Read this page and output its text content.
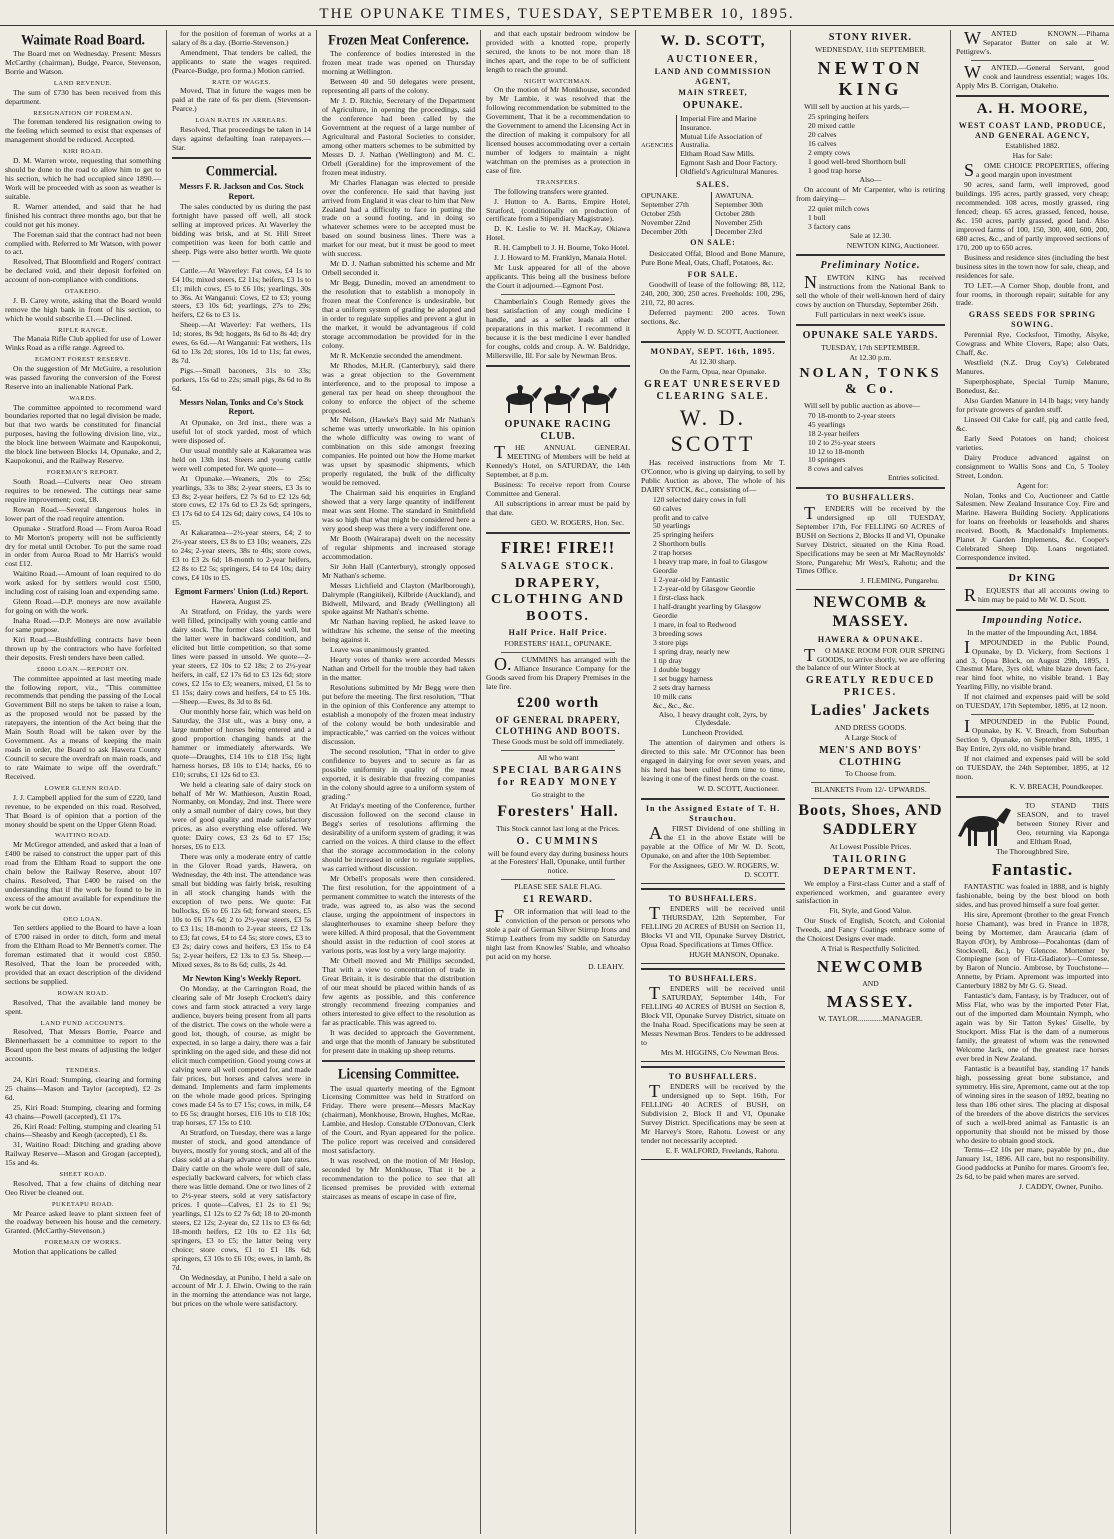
THE OPUNAKE TIMES, TUESDAY, SEPTEMBER 10, 1895.
Waimate Road Board.

The Board met on Wednesday. Present: Messrs McCarthy (chairman), Budge, Pearce, Stevenson, Borrie and Watson.

LAND REVENUE.

The sum of £730 has been received from this department.

RESIGNATION OF FOREMAN.

The foreman tendered his resignation owing to the feeling which seemed to exist that expenses of management should be reduced. Accepted.

KIRI ROAD.

D. M. Warren wrote, requesting that something should be done to the road to allow him to get to his section, which he had occupied since 1890.—Work will be proceeded with as soon as weather is suitable.

R. Warner attended, and said that he had finished his contract three months ago, but that he could not get his money.

The Foreman said that the contract had not been complied with. Referred to Mr Watson, with power to act.

Resolved, That Bloomfield and Rogers' contract be declared void, and their deposit forfeited on account of non-compliance with conditions.

OTAKEHO.

J. B. Carey wrote, asking that the Board would remove the high bank in front of his section, to which he would subscribe £1.—Declined.

RIFLE RANGE.

The Manaia Rifle Club applied for use of Lower Winks Road as a rifle range. Agreed to.

EGMONT FOREST RESERVE.

On the suggestion of Mr McGuire, a resolution was passed favoring the conversion of the Forest Reserve into an inalienable National Park.

WARDS.

The committee appointed to recommend ward boundaries reported that no legal division be made, but that two wards be constituted for financial purposes, having the following division line, viz., the block line between Waimate and Kaupokonui, the block line between Blocks 14, Opunake, and 2, Kaupokonui, and the Railway Reserve.

FOREMAN'S REPORT.

South Road.—Culverts near Oeo stream requires to be renewed. The cuttings near same require improvement; cost, £8.

Rowan Road.—Several dangerous holes in lower part of the road require attention.

Opunake - Stratford Road — From Auroa Road to Mr Morton's property will not be sufficiently dry for metal until October. To put the same road in order from Auroa Road to Mr Harris's would cost £12.

Waitino Road.—Amount of loan required to do work asked for by settlers would cost £500, including cost of raising loan and expending same.

Glenn Road.—D.P. moneys are now available for going on with the work.

Inaha Road.—D.P. Moneys are now available for same purpose.

Kiri Road.—Bushfelling contracts have been thrown up by the contractors who have forfeited their deposits. Fresh tenders have been called.

£8000 LOAN.—REPORT ON.

The committee appointed at last meeting made the following report, viz., "This committee recommends that pending the passing of the Local Government Bill no steps be taken to raise a loan, as the proposed would not be passed by the ratepayers, the intention of the Act being that the Main South Road will be taken over by the Government. As a means of keeping the main roads in order, the Board to ask Hawera County Council to secure the overdraft on main roads, and to rate Waimate to wipe off the overdraft." Received.

LOWER GLENN ROAD.

J. J. Campbell applied for the sum of £220, land revenue, to be expended on this road. Resolved, That Board is of opinion that a portion of the money should be spent on the Upper Glenn Road.

WAITINO ROAD.

Mr McGregor attended, and asked that a loan of £400 be raised to construct the upper part of this road from the Eltham Road to support the one chain below the Railway Reserve, about 107 chains. Resolved, That £400 be raised on the understanding that if the work be found to be in excess of the amount available for expenditure the work be cut down.

OEO LOAN.

Ten settlers applied to the Board to have a loan of £700 raised in order to ditch, form and metal from the Eltham Road to Mr Bennett's corner. The foreman estimated that it would cost £850. Resolved, That the loan be proceeded with, provided that an exact description of the dividend sections be supplied.

ROWAN ROAD.

Resolved, That the available land money be spent.

LAND FUND ACCOUNTS.

Resolved, That Messrs Borrie, Pearce and Blennerhassett be a committee to report to the Board upon the best means of adjusting the ledger accounts.

TENDERS.

24, Kiri Road: Stumping, clearing and forming 25 chains—Mason and Taylor (accepted), £2 2s 6d.

25, Kiri Road: Stumping, clearing and forming 43 chains—Powell (accepted), £1 17s.

26, Kiri Road: Felling, stumping and clearing 51 chains—Sheasby and Keogh (accepted), £1 8s.

31, Waitino Road: Ditching and grading above Railway Reserve—Mason and Grogan (accepted), 15s and 4s.

SHEET ROAD.

Resolved, That a few chains of ditching near Oeo River be cleaned out.

PUKETAPU ROAD.

Mr Pearce asked leave to plant sixteen feet of the roadway between his house and the cemetery. Granted. (McCarthy-Stevenson.)

FOREMAN OF WORKS.

Motion that applications be called

for the position of foreman of works at a salary of 8s a day. (Borrie-Stevenson.)

Amendment, That tenders be called, the applicants to state the wages required. (Pearce-Budge, pro forma.) Motion carried.

RATE OF WAGES.

Moved, That in future the wages men be paid at the rate of 6s per diem. (Stevenson-Pearce.)

LOAN RATES IN ARREARS.

Resolved, That proceedings be taken in 14 days against defaulting loan ratepayers.—Star.

Commercial.
Messrs F. R. Jackson and Cos. Stock Report.

The sales conducted by us during the past fortnight have passed off well, all stock selling at improved prices. At Waverley the bidding was brisk, and at St. Hill Street competition was keen for both cattle and sheep. Pigs were also better worth. We quote—

Cattle.—At Waverley: Fat cows, £4 1s to £4 10s; mixed steers, £2 11s; heifers, £3 1s to £1; milch cows, £5 to £6 10s; yearlings, 30s to 36s. At Wanganui: Cows, £2 to £3; young steers, £3 10s 6d; yearlings, 27s to 29s; heifers, £2 6s to £3 1s.

Sheep.—At Waverley: Fat wethers, 11s 1d; stores, 8s 9d; hoggets, 8s 6d to 8s 4d; dry ewes, 6s 6d.—At Wanganui: Fat wethers, 11s 6d to 13s 2d; stores, 10s 1d to 11s; fat ewes, 8s 7d.

Pigs.—Small baconers, 31s to 33s; porkers, 15s 6d to 22s; small pigs, 8s 6d to 8s 6d.

Messrs Nolan, Tonks and Co's Stock Report.

At Opunake, on 3rd inst., there was a useful lot of stock yarded, most of which were disposed of.

Our usual monthly sale at Kakaramea was held on 13th inst. Steers and young cattle were well competed for. We quote—

At Opunake.—Weaners, 20s to 25s; yearlings, 33s to 38s; 2-year steers, £3 3s to £3 8s; 2-year heifers, £2 7s 6d to £2 12s 6d; store cows, £2 17s 6d to £3 2s 6d; springers, £3 17s 6d to £4 12s 6d; dairy cows, £4 10s to £5.

At Kakaramea—2½-year steers, £4; 2 to 2½-year steers, £3 8s to £3 10s; weaners, 22s to 24s; 2-year steers, 38s to 40s; store cows, £3 to £3 2s 6d; 18-month to 2-year heifers, £2 8s to £2 5s; springers, £4 to £4 10s; dairy cows, £4 10s to £5.

Egmont Farmers' Union (Ltd.) Report.

Hawera, August 25.

At Stratford, on Friday, the yards were well filled, principally with young cattle and dairy stock. The former class sold well, but the latter were in backward condition, and elicited but little competition, so that some lines were passed in unsold. We quote—2-year steers, £2 10s to £2 18s; 2 to 2½-year heifers, in calf, £2 17s 6d to £3 12s 6d; store cows, £2 15s to £3; weaners, mixed, £1 5s to £1 15s; dairy cows and heifers, £4 to £5 10s.—Sheep.—Ewes, 8s 3d to 8s 6d.

Our monthly horse fair, which was held on Saturday, the 31st ult., was a busy one, a large number of horses being entered and a good proportion changing hands at the hammer or immediately afterwards. We quote—Draughts, £14 10s to £18 15s; light harness horses, £8 10s to £14; hacks, £6 to £10; scrubs, £1 12s 6d to £3.

We held a clearing sale of dairy stock on behalf of Mr W. Mathieson, Austin Road, Normanby, on Monday, 2nd inst. There were only a small number of dairy cows, but they were of good quality and made satisfactory prices, as also everything else offered. We quote: Dairy cows, £3 2s 6d to £7 15s; horses, £6 to £13.

There was only a moderate entry of cattle in the Glover Road yards, Hawera, on Wednesday, the 4th inst. The attendance was small but bidding was fairly brisk, resulting in all stock changing hands with the exception of two pens. We quote: Fat bullocks, £6 to £6 12s 6d; forward steers, £5 10s to £6 17s 6d; 2 to 2½-year steers, £3 5s to £3 11s; 18-month to 2-year steers, £2 13s to £3; fat cows, £4 to £4 5s; store cows, £3 to £3 2s; dairy cows and heifers, £3 15s to £4 5s; 2-year heifers, £2 13s to £3 5s. Sheep.—Mixed sexes, 8s to 8s 6d; culls, 2s 4d.

Mr Newton King's Weekly Report.

On Monday, at the Carrington Road, the clearing sale of Mr Joseph Crockett's dairy cows and farm stock attracted a very large audience, buyers being present from all parts of the district. The cows on the whole were a good lot, though, of course, as might be expected, in so large a dairy, there was a fair sprinkling on the aged side, and these did not elicit much competition. Good young cows at calving were all well competed for, and made fair prices, but horses and calves were in demand. Implements and farm implements on the whole made good prices. Springing cows made £4 5s to £7 15s; cows, in milk, £4 to £6 5s; draught horses, £16 10s to £18 10s; trap horses, £7 15s to £10.

At Stratford, on Tuesday, there was a large muster of stock, and good attendance of buyers, mostly for young stock, and all of the class sold at a sharp advance upon late rates. Dairy cattle on the whole were dull of sale, especially backward calvers, for which class there was little demand. One or two lines of 2 to 2½-year steers, sold at very satisfactory prices. I quote—Calves, £1 2s to £1 9s; yearlings, £1 12s to £2 7s 6d; 18 to 20-month steers, £2 12s; 2-year do, £2 11s to £3 6s 6d; 18-month heifers, £2 10s to £2 11s 6d; springers, £3 to £5; the latter being very choice; store cows, £1 to £1 18s 6d; springers, £3 10s to £6 10s; ewes, in lamb, 8s 7d.

On Wednesday, at Puniho, I held a sale on account of Mr J. J. Elwin. Owing to the rain in the morning the attendance was not large, but prices on the whole were satisfactory.

Frozen Meat Conference.

The conference of bodies interested in the frozen meat trade was opened on Thursday morning at Wellington.

Between 40 and 50 delegates were present, representing all parts of the colony.

Mr J. D. Ritchie, Secretary of the Department of Agriculture, in opening the proceedings, said the conference had been called by the Government at the request of a large number of Agricultural and Pastoral Societies to consider, among other matters schemes to be submitted by Messrs D. J. Nathan (Wellington) and M. C. Orbell (Geraldine) for the improvement of the frozen meat industry.

Mr Charles Flanagan was elected to preside over the conference. He said that having just arrived from England it was clear to him that New Zealand had a difficulty to face in putting the trade on a sound footing, and in doing so whatever schemes were to be accepted must be based on sound business lines. There was a market for our meat, but it must be good to meet with success.

Mr D. J. Nathan submitted his scheme and Mr Orbell seconded it.

Mr Begg, Dunedin, moved an amendment to the resolution that to establish a monopoly in frozen meat the Conference is undesirable, but that a uniform system of grading be adopted and in order to regulate supplies and prevent a glut in the market, it would be advantageous if cold storage accommodation be provided for in the colony.

Mr R. McKenzie seconded the amendment.

Mr Rhodes, M.H.R. (Canterbury), said there was a great objection to the Government interference, and to the proposal to impose a general tax per head on sheep throughout the colony to enforce the object of the scheme proposed.

Mr Nelson, (Hawke's Bay) said Mr Nathan's scheme was utterly unworkable. In his opinion the whole difficulty was owing to want of combination on this side amongst freezing companies. He pointed out how the Home market was upset by spasmodic shipments, which properly regulated, the bulk of the difficulty would be removed.

The Chairman said his enquiries in England showed that a very large quantity of indifferent meat was sent Home. The standard in Smithfield was so high that what might be considered here a very good sheep was there a very indifferent one.

Mr Booth (Wairarapa) dwelt on the necessity of regular shipments and increased storage accommodation.

Sir John Hall (Canterbury), strongly opposed Mr Nathan's scheme.

Messrs Lichfield and Clayton (Marlborough), Dalrymple (Rangitikei), Kilbride (Auckland), and Bidwell, Milward, and Brady (Wellington) all spoke against Mr Nathan's scheme.

Mr Nathan having replied, he asked leave to withdraw his scheme, the sense of the meeting being against it.

Leave was unanimously granted.

Hearty votes of thanks were accorded Messrs Nathan and Orbell for the trouble they had taken in the matter.

Resolutions submitted by Mr Begg were then put before the meeting. The first resolution, "That in the opinion of this Conference any attempt to establish a monopoly of the frozen meat industry of the colony would be both undesirable and impracticable," was carried on the voices without discussion.

The second resolution, "That in order to give confidence to buyers and to secure as far as possible uniformity in quality of the meat exported, it is desirable that freezing companies in the colony should agree to a uniform system of grading."

At Friday's meeting of the Conference, further discussion followed on the second clause in Begg's series of resolutions affirming the desirability of a uniform system of grading; it was carried on the voices. A third clause to the effect that the storage accommodation in the colony should be increased in order to regulate supplies, was carried without discussion.

Mr Orbell's proposals were then considered. The first resolution, for the appointment of a permanent committee to watch the interests of the trade, was agreed to, as also was the second clause, urging the appointment of inspectors in slaughterhouses to examine sheep before they were killed. A third proposal, that the Government should assist in the reduction of cool stores at various ports, was lost by a very large majority.

Mr Orbell moved and Mr Phillips seconded, That with a view to concentration of trade in Great Britain, it is desirable that the distribution of our meat should be placed within hands of as few agents as possible, and this conference strongly recommend freezing companies and others interested to give effect to the resolution as far as practicable. This was agreed to.

It was decided to approach the Government, and urge that the month of January be substituted for present date in making up sheep returns.

Licensing Committee.

The usual quarterly meeting of the Egmont Licensing Committee was held in Stratford on Friday. There were present—Messrs MacKay (chairman), Monkhouse, Brown, Hughes, McRae, Lambie, and Heslop. Constable O'Donovan, Clerk of the Court, and Ryan appeared for the police. The police report was received and considered most satisfactory.

It was resolved, on the motion of Mr Heslop, seconded by Mr Monkhouse, That it be a recommendation to the police to see that all licensed premises be provided with external staircases as means of escape in case of fire,

and that each upstair bedroom window be provided with a knotted rope, properly secured, the knots to be not more than 18 inches apart, and the rope to be of sufficient length to reach the ground.

NIGHT WATCHMAN.

On the motion of Mr Monkhouse, seconded by Mr Lambie, it was resolved that the following recommendation be submitted to the Government, That it be a recommendation to the Government to amend the Licensing Act in the direction of making it compulsory for all licensed houses accommodating over a certain number of lodgers to maintain a night watchman on the premises as a protection in case of fire.

TRANSFERS.

The following transfers were granted.

J. Hutton to A. Barns, Empire Hotel, Stratford, (conditionally on production of certificate from a Stipendiary Magistrate).

D. K. Leslie to W. H. MacKay, Okiawa Hotel.

R. H. Campbell to J. H. Bourne, Toko Hotel.

J. J. Howard to M. Franklyn, Manaia Hotel.

Mr Lusk appeared for all of the above applicants. This being all the business before the Court it adjourned.—Egmont Post.

Chamberlain's Cough Remedy gives the best satisfaction of any cough medicine I handle, and as a seller leads all other preparations in this market. I recommend it because it is the best medicine I ever handled for coughs, colds and croup. A. W. Baldridge, Millersville, Ill. For sale by Newman Bros.

OPUNAKE RACING CLUB.

THE ANNUAL GENERAL MEETING of Members will be held at Kennedy's Hotel, on SATURDAY, the 14th September, at 8 p.m.

Business: To receive report from Course Committee and General.

All subscriptions in arrear must be paid by that date.

GEO. W. ROGERS, Hon. Sec.

FIRE! FIRE!!
SALVAGE STOCK.
DRAPERY, CLOTHING AND BOOTS.
Half Price. Half Price.

FORESTERS' HALL, OPUNAKE.

O.CUMMINS has arranged with the Alliance Insurance Company for the Goods saved from his Drapery Premises in the late fire.

£200 worth
OF GENERAL DRAPERY, CLOTHING AND BOOTS.

These Goods must be sold off immediately.

All who want

SPECIAL BARGAINS for READY MONEY

Go straight to the

Foresters' Hall.

This Stock cannot last long at the Prices.

O. CUMMINS

will be found every day during business hours at the Foresters' Hall, Opunake, until further notice.

PLEASE SEE SALE FLAG.

£1 REWARD.

FOR information that will lead to the conviction of the person or persons who stole a pair of German Silver Stirrup Irons and Stirrup Leathers from my saddle on Saturday night last from Knowles' Stable, and whoalso put acid on my horse.

D. LEAHY.

W. D. SCOTT,
AUCTIONEER,
LAND AND COMMISSION AGENT,
MAIN STREET,
OPUNAKE.
AGENCIES
Imperial Fire and Marine Insurance.
Mutual Life Association of Australia.
Eltham Road Saw Mills.
Egmont Sash and Door Factory.
Oldfield's Agricultural Manures.
SALES.
OPUNAKE.
September 27th
October 25th
November 22nd
December 20th
AWATUNA.
September 30th
October 28th
November 25th
December 23rd
ON SALE:

Desiccated Offal, Blood and Bone Manure, Pure Bone Meal, Oats, Chaff, Potatoes, &c.

FOR SALE.

Goodwill of lease of the following: 88, 112, 240, 200, 300, 250 acres. Freeholds: 100, 296, 210, 72, 80 acres.

Deferred payment: 200 acres. Town sections, &c.

Apply W. D. SCOTT, Auctioneer.

MONDAY, SEPT. 16th, 1895.

At 12.30 sharp.

On the Farm, Opua, near Opunake.

GREAT UNRESERVED CLEARING SALE.
W. D. SCOTT

Has received instructions from Mr T. O'Connor, who is giving up dairying, to sell by Public Auction as above, The whole of his DAIRY STOCK, &c., consisting of—

120 selected dairy cows in full
60 calves
profit and to calve
50 yearlings
25 springing heifers
2 Shorthorn bulls
2 trap horses
1 heavy trap mare, in foal to Glasgow Geordie
1 2-year-old by Fantastic
1 2-year-old by Glasgow Geordie
1 first-class hack
1 half-draught yearling by Glasgow Geordie
1 mare, in foal to Redwood
3 breeding sows
3 store pigs
1 spring dray, nearly new
1 tip dray
1 double buggy
1 set buggy harness
2 sets dray harness
10 milk cans
&c., &c., &c.

Also, 1 heavy draught colt, 2yrs, by Clydesdale.

Luncheon Provided.

The attention of dairymen and others is directed to this sale. Mr O'Connor has been engaged in dairying for over seven years, and his herd has been culled from time to time, leaving it one of the finest herds on the coast.

W. D. SCOTT, Auctioneer.

In the Assigned Estate of T. H. Strauchou.

AFIRST Dividend of one shilling in the £1 in the above Estate will be payable at the Office of Mr W. D. Scott, Opunake, on and after the 10th September.

For the Assignees, GEO. W. ROGERS, W. D. SCOTT.

TO BUSHFALLERS.

TENDERS will be received until THURSDAY, 12th September, For FELLING 20 ACRES of BUSH on Section 11, Blocks VI and VII, Opunake Survey District, Opua Road. Specifications at Times Office.

HUGH MANSON, Opunake.

TO BUSHFALLERS.

TENDERS will be received until SATURDAY, September 14th, For FELLING 40 ACRES of BUSH on Section 8, Block VII, Opunake Survey District, situate on the Inaha Road. Specifications may be seen at Messrs Newman Bros. Tenders to be addressed to

Mrs M. HIGGINS, C/o Newman Bros.

TO BUSHFALLERS.

TENDERS will be received by the undersigned up to Sept. 16th, For FELLING 40 ACRES of BUSH, on Subdivision 2, Block II and VI, Opunake Survey District. Specifications may be seen at Mr Harvey's Store, Rahotu. Lowest or any tender not necessarily accepted.

E. F. WALFORD, Freelands, Rahotu.

STONY RIVER.

WEDNESDAY, 11th SEPTEMBER.

NEWTON KING

Will sell by auction at his yards,—

25 springing heifers
20 mixed cattle
20 calves
16 calves
2 empty cows
1 good well-bred Shorthorn bull
1 good trap horse

Also—

On account of Mr Carpenter, who is retiring from dairying—

22 quiet milch cows
1 bull
3 factory cans

Sale at 12.30.

NEWTON KING, Auctioneer.

Preliminary Notice.

NEWTON KING has received instructions from the National Bank to sell the whole of their well-known herd of dairy cows by auction on Thursday, September 26th.

Full particulars in next week's issue.

OPUNAKE SALE YARDS.

TUESDAY, 17th SEPTEMBER.

At 12.30 p.m.

NOLAN, TONKS & Co.

Will sell by public auction as above—

70 18-month to 2-year steers
45 yearlings
18 2-year heifers
10 2 to 2½-year steers
10 12 to 18-month
10 springers
8 cows and calves

Entries solicited.

TO BUSHFALLERS.

TENDERS will be received by the undersigned up till TUESDAY, September 17th, For FELLING 60 ACRES of BUSH on Sections 2, Blocks II and VI, Opunake Survey District, situated on the Kina Road. Specifications may be seen at Mr MacReynolds' Store, Pungarehu; Mr West's, Rahotu; and the Times Office.

J. FLEMING, Pungarehu.

NEWCOMB & MASSEY.
HAWERA & OPUNAKE.

TO MAKE ROOM FOR OUR SPRING GOODS, to arrive shortly, we are offering the balance of our Winter Stock at

GREATLY REDUCED PRICES.
Ladies' Jackets

AND DRESS GOODS.

A Large Stock of

MEN'S AND BOYS' CLOTHING

To Choose from.

BLANKETS From 12/- UPWARDS.

Boots, Shoes, AND SADDLERY

At Lowest Possible Prices.

TAILORING DEPARTMENT.

We employ a First-class Cutter and a staff of experienced workmen, and guarantee every satisfaction in

Fit, Style, and Good Value.

Our Stock of English, Scotch, and Colonial Tweeds, and Fancy Coatings embrace some of the Choicest Designs ever made.

A Trial is Respectfully Solicited.

NEWCOMB

AND

MASSEY.

W. TAYLOR.............MANAGER.

WANTED KNOWN.—Pihama Separator Butter on sale at W. Pettigrew's.

WANTED.—General Servant, good cook and laundress essential; wages 10s. Apply Mrs B. Corrigan, Otakeho.

A. H. MOORE,
WEST COAST LAND, PRODUCE, AND GENERAL AGENCY,

Established 1882.

Has for Sale:

SOME CHOICE PROPERTIES, offering a good margin upon investment

90 acres, sand farm, well improved, good buildings. 195 acres, partly grassed, very cheap; recommended. 108 acres, mostly grassed, ring fenced; cheap. 65 acres, grassed, fenced, house, &c. 150 acres, partly grassed, good land. Also improved farms of 100, 150, 300, 400, 600, 200, 680 acres, &c., and of partly improved sections of 170, 200 up to 650 acres.

Business and residence sites (including the best business sites in the town now for sale, cheap, and residences for sale.

TO LET.—A Corner Shop, double front, and four rooms, in thorough repair; suitable for any trade.

GRASS SEEDS FOR SPRING SOWING.

Perennial Rye, Cocksfoot, Timothy, Alsyke, Cowgrass and White Clovers, Rape; also Oats, Chaff, &c.

Westfield (N.Z. Drug Coy's) Celebrated Manures.

Superphosphate, Special Turnip Manure, Bonedust, &c.

Also Garden Manure in 14 lb bags; very handy for private growers of garden stuff.

Linseed Oil Cake for calf, pig and cattle feed, &c.

Early Seed Potatoes on hand; choicest varieties.

Dairy Produce advanced against on consignment to Wallis Sons and Co, 5 Tooley Street, London.

Agent for:

Nolan, Tonks and Co, Auctioneer and Cattle Salesmen. New Zealand Insurance Coy. Fire and Marine. Hawera Building Society. Applications for loans on freeholds or leaseholds and shares received. Booth, & Macdonald's Implements. Planet Jr Garden Implements, &c. Cooper's Celebrated Sheep Dip. Loans negotiated. Correspondence invited.

Dr KING

REQUESTS that all accounts owing to him may be paid to Mr W. D. Scott.

Impounding Notice.

In the matter of the Impounding Act, 1884.

IMPOUNDED in the Public Pound, Opunake, by D. Vickery, from Sections 1 and 3, Opua Block, on August 29th, 1895, 1 Chestnut Mare, 3yrs old, white blaze down face, rear hind foot white, no visible brand. 1 Bay Yearling Filly, no visible brand.

If not claimed and expenses paid will be sold on TUESDAY, 17th September, 1895, at 12 noon.

IMPOUNDED in the Public Pound, Opunake, by K. V. Breach, from Suburban Section 9, Opunake, on September 8th, 1895, 1 Bay Entire, 2yrs old, no visible brand.

If not claimed and expenses paid will be sold on TUESDAY, the 24th September, 1895, at 12 noon.

K. V. BREACH, Poundkeeper.

TO STAND THIS SEASON, and to travel between Stoney River and Oeo, returning via Kaponga and Eltham Road,

The Thoroughbred Sire,

Fantastic.

FANTASTIC was foaled in 1888, and is highly fashionable, being by the best blood on both sides, and has proved himself a sure foal getter.

His sire, Apremont (brother to the great French horse Chamant), was bred in France in 1878, being by Mortemer, dam Araucaria (dam of Rayon d'Or), by Ambrose—Pocahontas (dam of Stockwell, &c.), by Glencoe. Mortemer by Compiegne (son of Fitz-Gladiator)—Comtesse, by Baron of Nuncio. Ambrose, by Touchstone—Annette, by Priam. Apremont was imported into Canterbury 1882 by Mr G. G. Stead.

Fantastic's dam, Fantasy, is by Traducer, out of Miss Flat, who was by the imported Peter Flat, out of the imported dam Mountain Nymph, who again was by Sir Tatton Sykes' Giselle, by Stockport. Miss Flat is the dam of a numerous family, the greatest of whom was the renowned Welcome Jack, one of the greatest race horses ever bred in New Zealand.

Fantastic is a beautiful bay, standing 17 hands high, possessing great bone substance, and symmetry. His sire, Apremont, came out at the top of winning sires in the season of 1892, beating no less than 186 other sires. The placing at disposal of the breeders of the above districts the services of such a well-bred animal as Fantastic is an opportunity that should not be missed by those who desire to obtain good stock.

Terms—£2 10s per mare, payable by pn., due January 1st, 1896. All care, but no responsibility. Good paddocks at Puniho for mares. Groom's fee, 2s 6d, to be paid when mares are served.

J. CADDY, Owner, Puniho.
